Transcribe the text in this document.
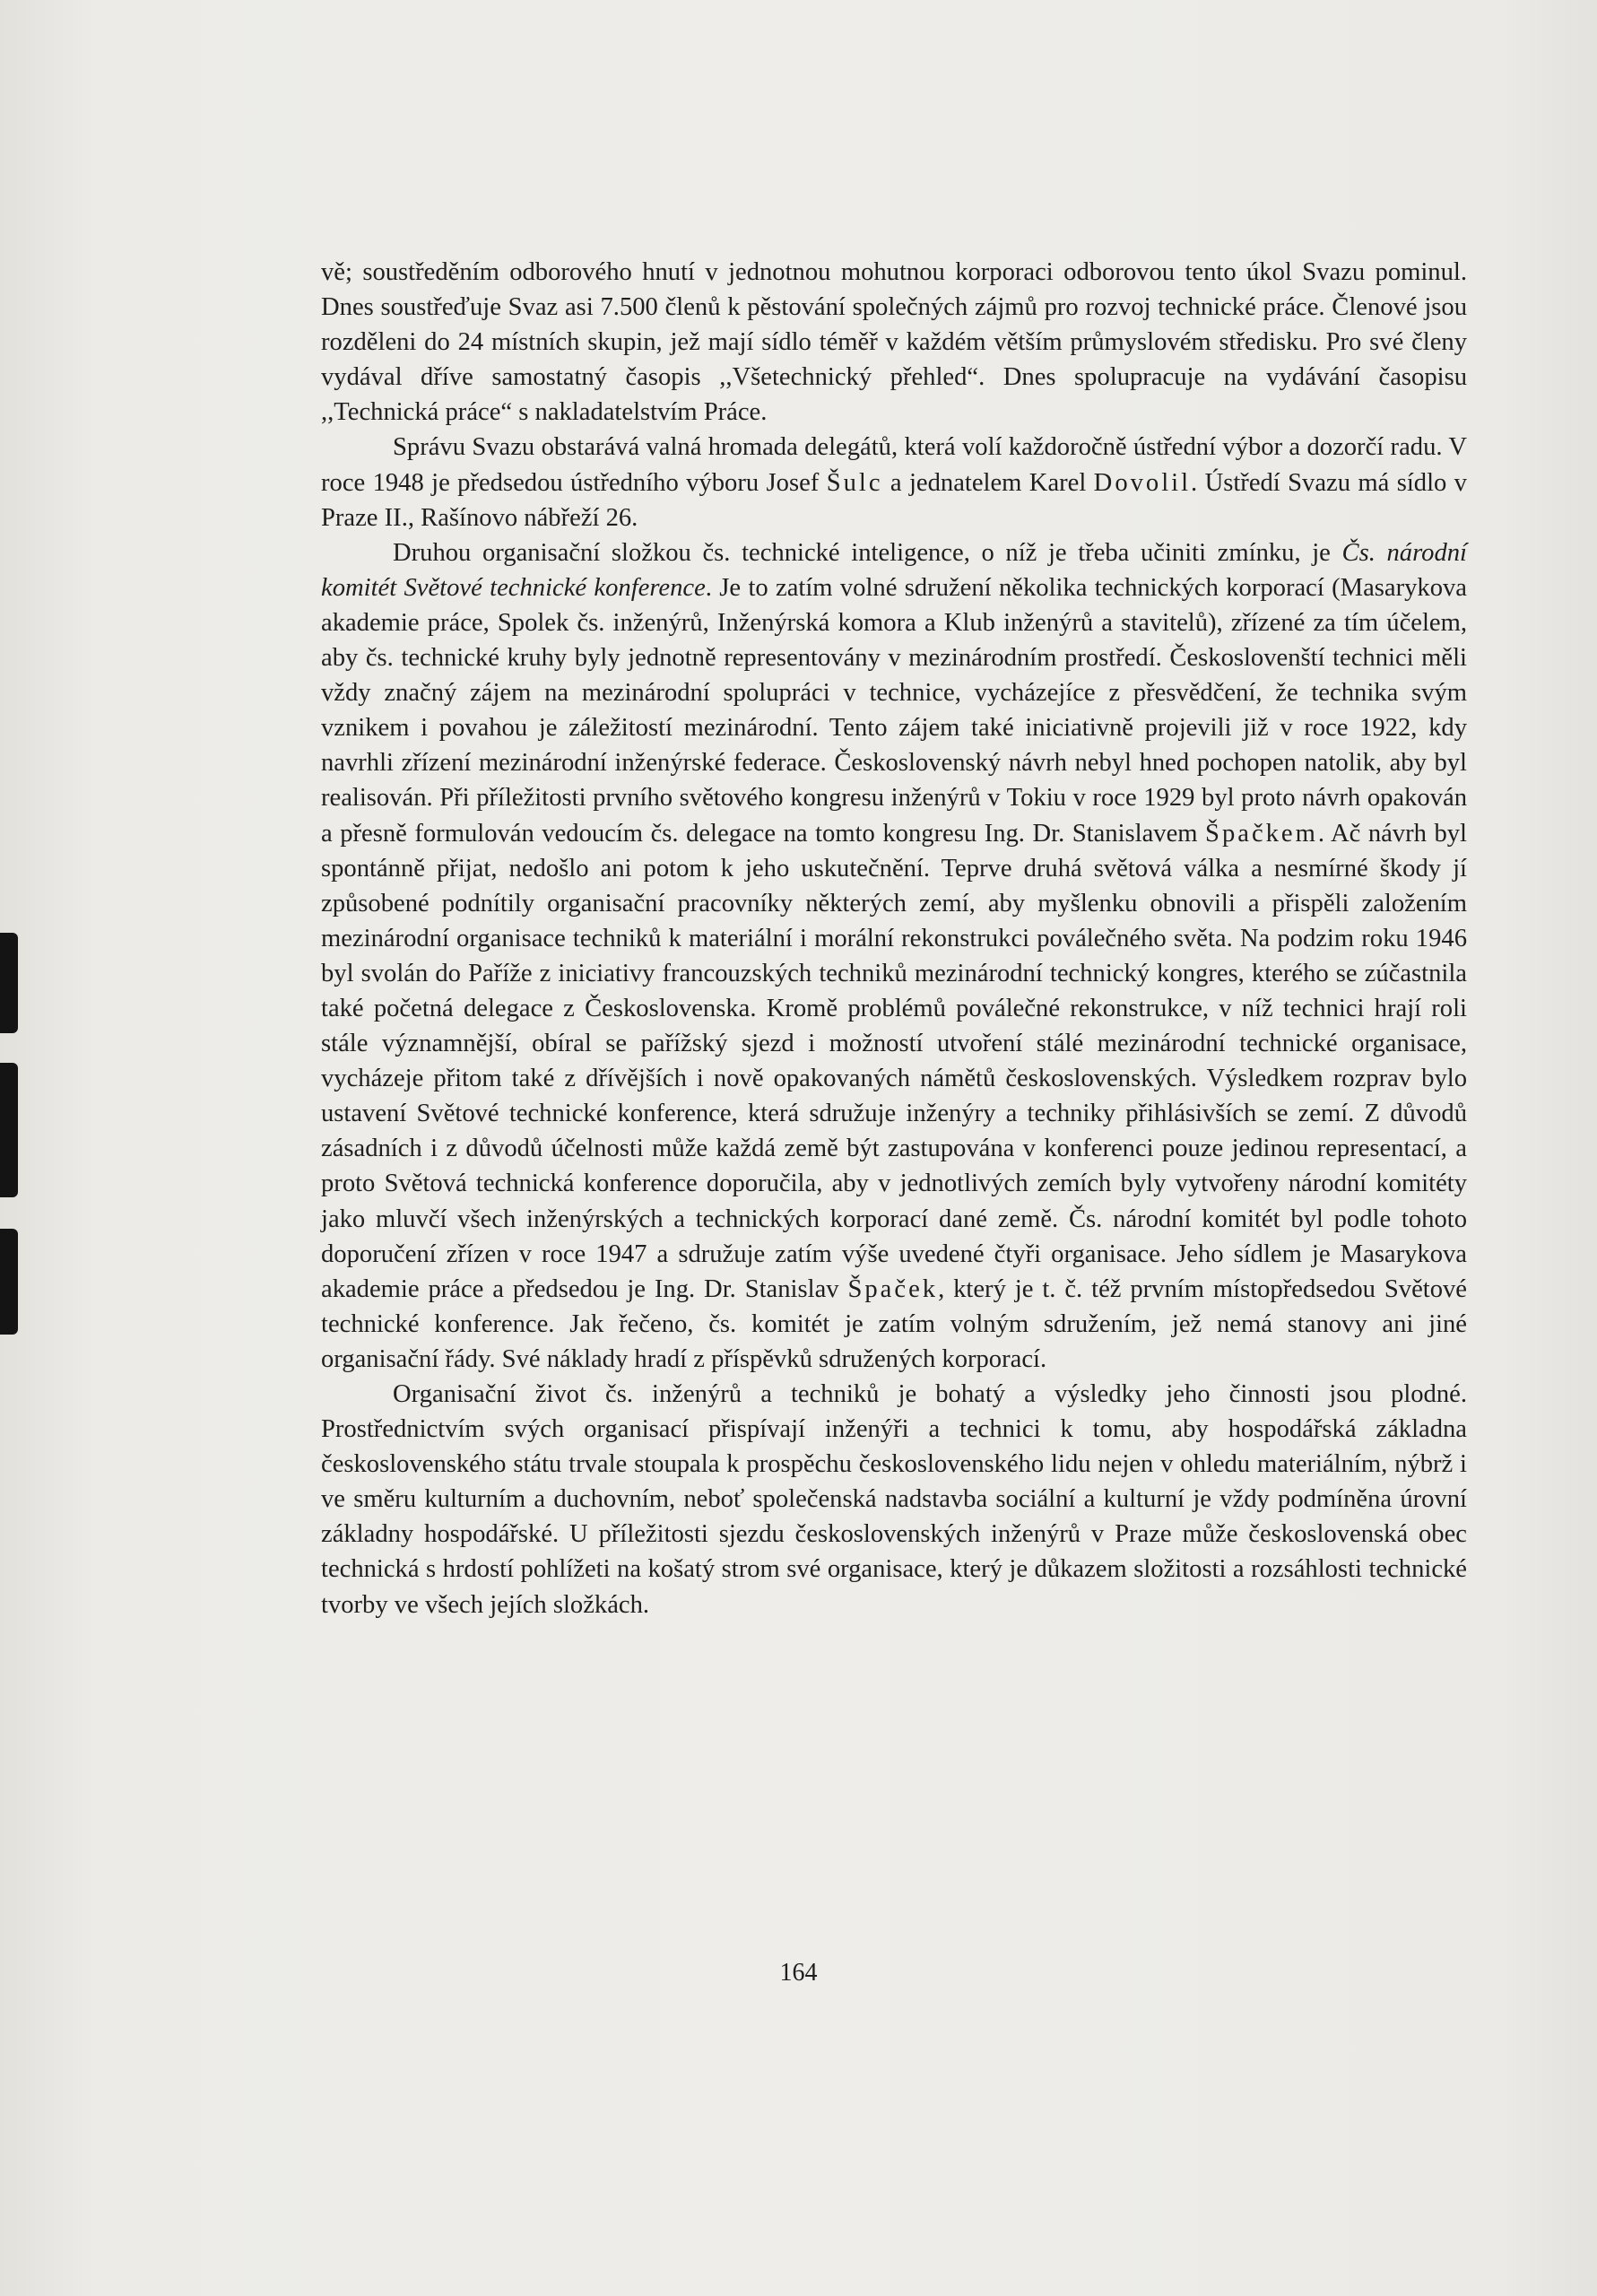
vě; soustředěním odborového hnutí v jednotnou mohutnou korporaci odborovou tento úkol Svazu pominul. Dnes soustřeďuje Svaz asi 7.500 členů k pěstování společných zájmů pro rozvoj technické práce. Členové jsou rozděleni do 24 místních skupin, jež mají sídlo téměř v každém větším průmyslovém středisku. Pro své členy vydával dříve samostatný časopis ,,Všetechnický přehled“. Dnes spolupracuje na vydávání časopisu ,,Technická práce“ s nakladatelstvím Práce.

Správu Svazu obstarává valná hromada delegátů, která volí každoročně ústřední výbor a dozorčí radu. V roce 1948 je předsedou ústředního výboru Josef Šulc a jednatelem Karel Dovolil. Ústředí Svazu má sídlo v Praze II., Rašínovo nábřeží 26.

Druhou organisační složkou čs. technické inteligence, o níž je třeba učiniti zmínku, je Čs. národní komitét Světové technické konference. Je to zatím volné sdružení několika technických korporací (Masarykova akademie práce, Spolek čs. inženýrů, Inženýrská komora a Klub inženýrů a stavitelů), zřízené za tím účelem, aby čs. technické kruhy byly jednotně representovány v mezinárodním prostředí. Českoslovenští technici měli vždy značný zájem na mezinárodní spolupráci v technice, vycházejíce z přesvědčení, že technika svým vznikem i povahou je záležitostí mezinárodní. Tento zájem také iniciativně projevili již v roce 1922, kdy navrhli zřízení mezinárodní inženýrské federace. Československý návrh nebyl hned pochopen natolik, aby byl realisován. Při příležitosti prvního světového kongresu inženýrů v Tokiu v roce 1929 byl proto návrh opakován a přesně formulován vedoucím čs. delegace na tomto kongresu Ing. Dr. Stanislavem Špačkem. Ač návrh byl spontánně přijat, nedošlo ani potom k jeho uskutečnění. Teprve druhá světová válka a nesmírné škody jí způsobené podnítily organisační pracovníky některých zemí, aby myšlenku obnovili a přispěli založením mezinárodní organisace techniků k materiální i morální rekonstrukci poválečného světa. Na podzim roku 1946 byl svolán do Paříže z iniciativy francouzských techniků mezinárodní technický kongres, kterého se zúčastnila také početná delegace z Československa. Kromě problémů poválečné rekonstrukce, v níž technici hrají roli stále významnější, obíral se pařížský sjezd i možností utvoření stálé mezinárodní technické organisace, vycházeje přitom také z dřívějších i nově opakovaných námětů československých. Výsledkem rozprav bylo ustavení Světové technické konference, která sdružuje inženýry a techniky přihlásivších se zemí. Z důvodů zásadních i z důvodů účelnosti může každá země být zastupována v konferenci pouze jedinou representací, a proto Světová technická konference doporučila, aby v jednotlivých zemích byly vytvořeny národní komitéty jako mluvčí všech inženýrských a technických korporací dané země. Čs. národní komitét byl podle tohoto doporučení zřízen v roce 1947 a sdružuje zatím výše uvedené čtyři organisace. Jeho sídlem je Masarykova akademie práce a předsedou je Ing. Dr. Stanislav Špaček, který je t. č. též prvním místopředsedou Světové technické konference. Jak řečeno, čs. komitét je zatím volným sdružením, jež nemá stanovy ani jiné organisační řády. Své náklady hradí z příspěvků sdružených korporací.

Organisační život čs. inženýrů a techniků je bohatý a výsledky jeho činnosti jsou plodné. Prostřednictvím svých organisací přispívají inženýři a technici k tomu, aby hospodářská základna československého státu trvale stoupala k prospěchu československého lidu nejen v ohledu materiálním, nýbrž i ve směru kulturním a duchovním, neboť společenská nadstavba sociální a kulturní je vždy podmíněna úrovní základny hospodářské. U příležitosti sjezdu československých inženýrů v Praze může československá obec technická s hrdostí pohlížeti na košatý strom své organisace, který je důkazem složitosti a rozsáhlosti technické tvorby ve všech jejích složkách.

164
